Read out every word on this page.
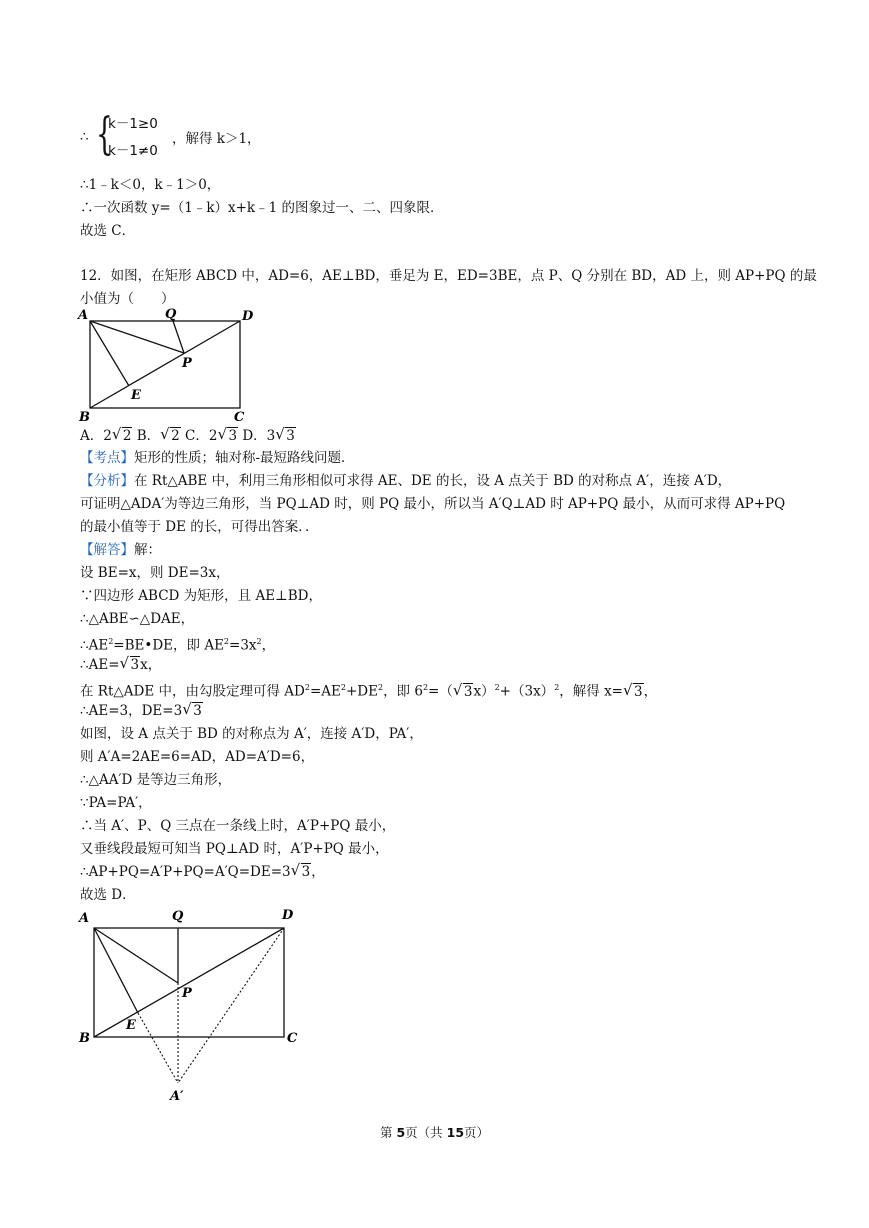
∴ {
k－1≥0
k－1≠0
，解得 k＞1，
∴1﹣k＜0，k﹣1＞0，
∴一次函数 y=（1﹣k）x+k﹣1 的图象过一、二、四象限．
故选 C．
12．如图，在矩形 ABCD 中，AD=6，AE⊥BD，垂足为 E，ED=3BE，点 P、Q 分别在 BD，AD 上，则 AP+PQ 的最
小值为（　　）
A	Q	D
P
E
B	C
A．2√ 2 B．√ 2 C．2√ 3 D．3√ 3
【考点】矩形的性质；轴对称-最短路线问题．
【分析】在 Rt△ABE 中，利用三角形相似可求得 AE、DE 的长，设 A 点关于 BD 的对称点 A′，连接 A′D，
可证明△ADA′为等边三角形，当 PQ⊥AD 时，则 PQ 最小，所以当 A′Q⊥AD 时 AP+PQ 最小，从而可求得 AP+PQ
的最小值等于 DE 的长，可得出答案．．
【解答】解：
设 BE=x，则 DE=3x，
∵四边形 ABCD 为矩形，且 AE⊥BD，
∴△ABE∽△DAE，
$\therefore AE^2=BE•DE$，即 $AE^2=3x^2$，
∴AE=√ 3x，
在 Rt△ADE 中，由勾股定理可得 $AD^2=AE^2+DE^2$，即 $6^2=(√$ $3x)^2+(3x)^2$，解得 x=√ 3，
∴AE=3，DE=3√ 3
如图，设 A 点关于 BD 的对称点为 A′，连接 A′D，PA′，
则 A′A=2AE=6=AD，AD=A′D=6，
∴△AA′D 是等边三角形，
∵PA=PA′，
∴当 A′、P、Q 三点在一条线上时，A′P+PQ 最小，
又垂线段最短可知当 PQ⊥AD 时，A′P+PQ 最小，
∴AP+PQ=A′P+PQ=A′Q=DE=3√ 3，
故选 D．
A	Q	D
P
E
B	C
A′
第 5页（共 15页）
